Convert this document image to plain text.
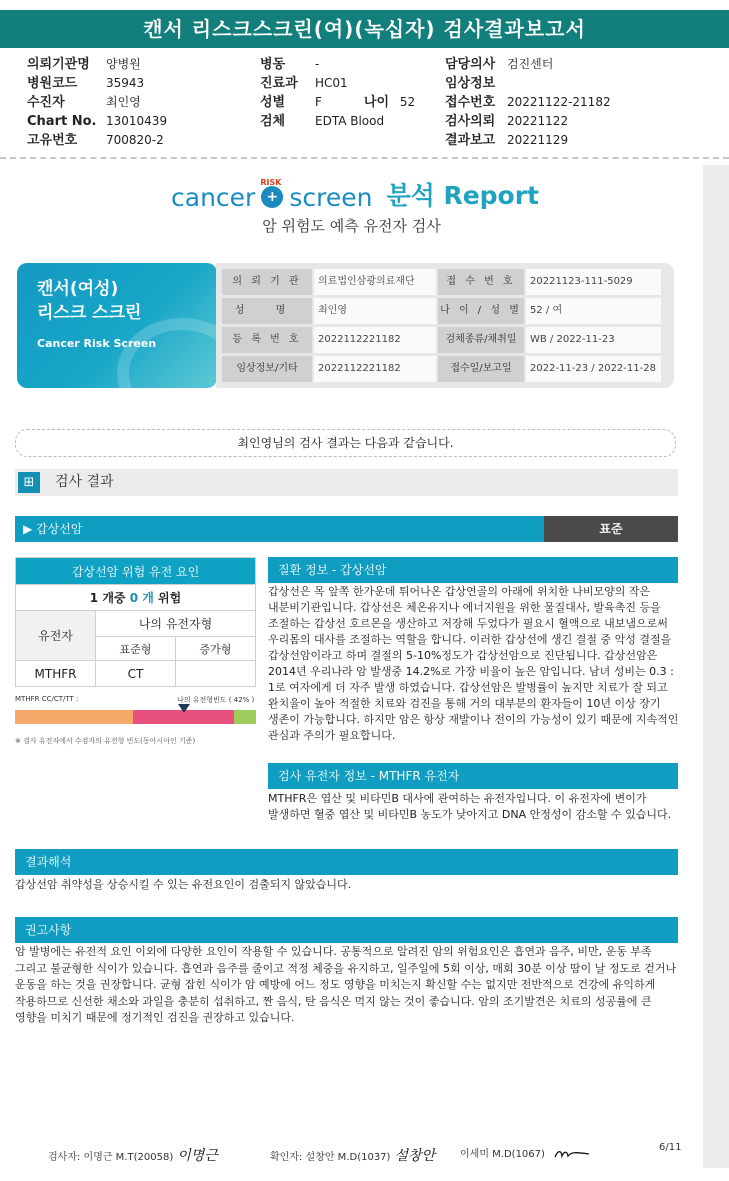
캔서 리스크스크린(여)(녹십자) 검사결과보고서
의뢰기관명	양병원
병원코드	35943
수진자	최인영
Chart No. 13010439
고유번호	700820-2
병동	-
진료과	HC01
성별	F	나이 52
검체	EDTA Blood
담당의사 검진센터
임상정보
접수번호 20221122-21182
검사의뢰 20221122
결과보고 20221129
cancer +
RISK
screen 분석 Report
암 위험도 예측 유전자 검사
캔서(여성)
리스크 스크린
Cancer Risk Screen
의 뢰 기 관	의료법인삼광의료재단	접 수 번 호	20221123-111-5029
성 명	최인영	나 이 / 성 별 52 / 여
등 록 번 호	2022112221182	검체종류/채취일	WB / 2022-11-23
임상정보/기타	2022112221182	접수일/보고일	2022-11-23 / 2022-11-28
최인영님의 검사 결과는 다음과 같습니다.
⊞	검사 결과
▶ 갑상선암	표준
갑상선암 위험 유전 요인		
1 개중 0 개 위험		
유전자	나의 유전자형	
	표준형	증가형
MTHFR	CT	
MTHFR CC/CT/TT :	나의 유전형빈도 ( 42% )
※ 검사 유전자에서 수검자의 유전형 빈도(동아시아인 기준)
질환 정보 - 갑상선암
갑상선은 목 앞쪽 한가운데 튀어나온 갑상연골의 아래에 위치한 나비모양의 작은
내분비기관입니다. 갑상선은 체온유지나 에너지원을 위한 물질대사, 발육촉진 등을
조절하는 갑상선 호르몬을 생산하고 저장해 두었다가 필요시 혈액으로 내보냄으로써
우리몸의 대사를 조절하는 역할을 합니다. 이러한 갑상선에 생긴 결절 중 악성 결절을
갑상선암이라고 하며 결절의 5-10%정도가 갑상선암으로 진단됩니다. 갑상선암은
2014년 우리나라 암 발생중 14.2%로 가장 비율이 높은 암입니다. 남녀 성비는 0.3 :
1로 여자에게 더 자주 발생 하였습니다. 갑상선암은 발병률이 높지만 치료가 잘 되고
완치율이 높아 적절한 치료와 검진을 통해 거의 대부분의 환자들이 10년 이상 장기
생존이 가능합니다. 하지만 암은 항상 재발이나 전이의 가능성이 있기 때문에 지속적인
관심과 주의가 필요합니다.
검사 유전자 정보 - MTHFR 유전자
MTHFR은 엽산 및 비타민B 대사에 관여하는 유전자입니다. 이 유전자에 변이가
발생하면 혈중 엽산 및 비타민B 농도가 낮아지고 DNA 안정성이 감소할 수 있습니다.
결과해석
갑상선암 취약성을 상승시킬 수 있는 유전요인이 검출되지 않았습니다.
권고사항
암 발병에는 유전적 요인 이외에 다양한 요인이 작용할 수 있습니다. 공통적으로 알려진 암의 위험요인은 흡연과 음주, 비만, 운동 부족
그리고 불균형한 식이가 있습니다. 흡연과 음주를 줄이고 적정 체중을 유지하고, 일주일에 5회 이상, 매회 30분 이상 땀이 날 정도로 걷거나
운동을 하는 것을 권장합니다. 균형 잡힌 식이가 암 예방에 어느 정도 영향을 미치는지 확신할 수는 없지만 전반적으로 건강에 유익하게
작용하므로 신선한 채소와 과일을 충분히 섭취하고, 짠 음식, 탄 음식은 먹지 않는 것이 좋습니다. 암의 조기발견은 치료의 성공률에 큰
영향을 미치기 때문에 정기적인 검진을 권장하고 있습니다.
검사자: 이명근 M.T(20058) 이명근	확인자: 설창안 M.D(1037) 설창안 이세미 M.D(1067)
6/11
